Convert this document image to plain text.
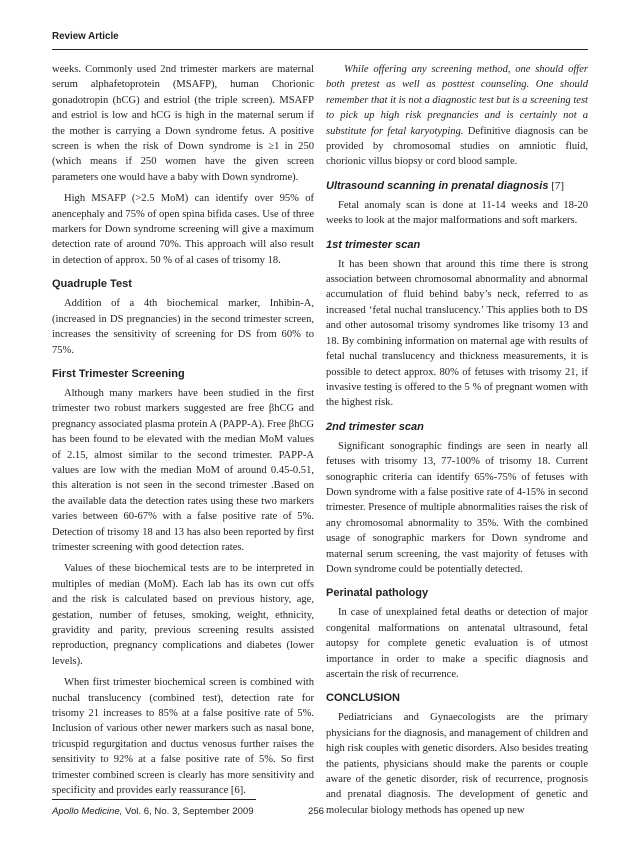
Review Article

weeks. Commonly used 2nd trimester markers are maternal serum alphafetoprotein (MSAFP), human Chorionic gonadotropin (hCG) and estriol (the triple screen). MSAFP and estriol is low and hCG is high in the maternal serum if the mother is carrying a Down syndrome fetus. A positive screen is when the risk of Down syndrome is ≥1 in 250 (which means if 250 women have the given screen parameters one would have a baby with Down syndrome).

High MSAFP (>2.5 MoM) can identify over 95% of anencephaly and 75% of open spina bifida cases. Use of three markers for Down syndrome screening will give a maximum detection rate of around 70%. This approach will also result in detection of approx. 50 % of al cases of trisomy 18.

Quadruple Test

Addition of a 4th biochemical marker, Inhibin-A, (increased in DS pregnancies) in the second trimester screen, increases the sensitivity of screening for DS from 60% to 75%.

First Trimester Screening

Although many markers have been studied in the first trimester two robust markers suggested are free βhCG and pregnancy associated plasma protein A (PAPP-A). Free βhCG has been found to be elevated with the median MoM values of 2.15, almost similar to the second trimester. PAPP-A values are low with the median MoM of around 0.45-0.51, this alteration is not seen in the second trimester .Based on the available data the detection rates using these two markers varies between 60-67% with a false positive rate of 5%. Detection of trisomy 18 and 13 has also been reported by first trimester screening with good detection rates.

Values of these biochemical tests are to be interpreted in multiples of median (MoM). Each lab has its own cut offs and the risk is calculated based on previous history, age, gestation, number of fetuses, smoking, weight, ethnicity, gravidity and parity, previous screening results assisted reproduction, pregnancy complications and diabetes (lower levels).

When first trimester biochemical screen is combined with nuchal translucency (combined test), detection rate for trisomy 21 increases to 85% at a false positive rate of 5%. Inclusion of various other newer markers such as nasal bone, tricuspid regurgitation and ductus venosus further raises the sensitivity to 92% at a false positive rate of 5%. So first trimester combined screen is clearly has more sensitivity and specificity and provides early reassurance [6].

While offering any screening method, one should offer both pretest as well as posttest counseling. One should remember that it is not a diagnostic test but is a screening test to pick up high risk pregnancies and is certainly not a substitute for fetal karyotyping. Definitive diagnosis can be provided by chromosomal studies on amniotic fluid, chorionic villus biopsy or cord blood sample.

Ultrasound scanning in prenatal diagnosis [7]

Fetal anomaly scan is done at 11-14 weeks and 18-20 weeks to look at the major malformations and soft markers.

1st trimester scan

It has been shown that around this time there is strong association between chromosomal abnormality and abnormal accumulation of fluid behind baby’s neck, referred to as increased ‘fetal nuchal translucency.’ This applies both to DS and other autosomal trisomy syndromes like trisomy 13 and 18. By combining information on maternal age with results of fetal nuchal translucency and thickness measurements, it is possible to detect approx. 80% of fetuses with trisomy 21, if invasive testing is offered to the 5 % of pregnant women with the highest risk.

2nd trimester scan

Significant sonographic findings are seen in nearly all fetuses with trisomy 13, 77-100% of trisomy 18. Current sonographic criteria can identify 65%-75% of fetuses with Down syndrome with a false positive rate of 4-15% in second trimester. Presence of multiple abnormalities raises the risk of any chromosomal abnormality to 35%. With the combined usage of sonographic markers for Down syndrome and maternal serum screening, the vast majority of fetuses with Down syndrome could be potentially detected.

Perinatal pathology

In case of unexplained fetal deaths or detection of major congenital malformations on antenatal ultrasound, fetal autopsy for complete genetic evaluation is of utmost importance in order to make a specific diagnosis and ascertain the risk of recurrence.

CONCLUSION

Pediatricians and Gynaecologists are the primary physicians for the diagnosis, and management of children and high risk couples with genetic disorders. Also besides treating the patients, physicians should make the parents or couple aware of the genetic disorder, risk of recurrence, prognosis and prenatal diagnosis. The development of genetic and molecular biology methods has opened up new

Apollo Medicine, Vol. 6, No. 3, September 2009	256
